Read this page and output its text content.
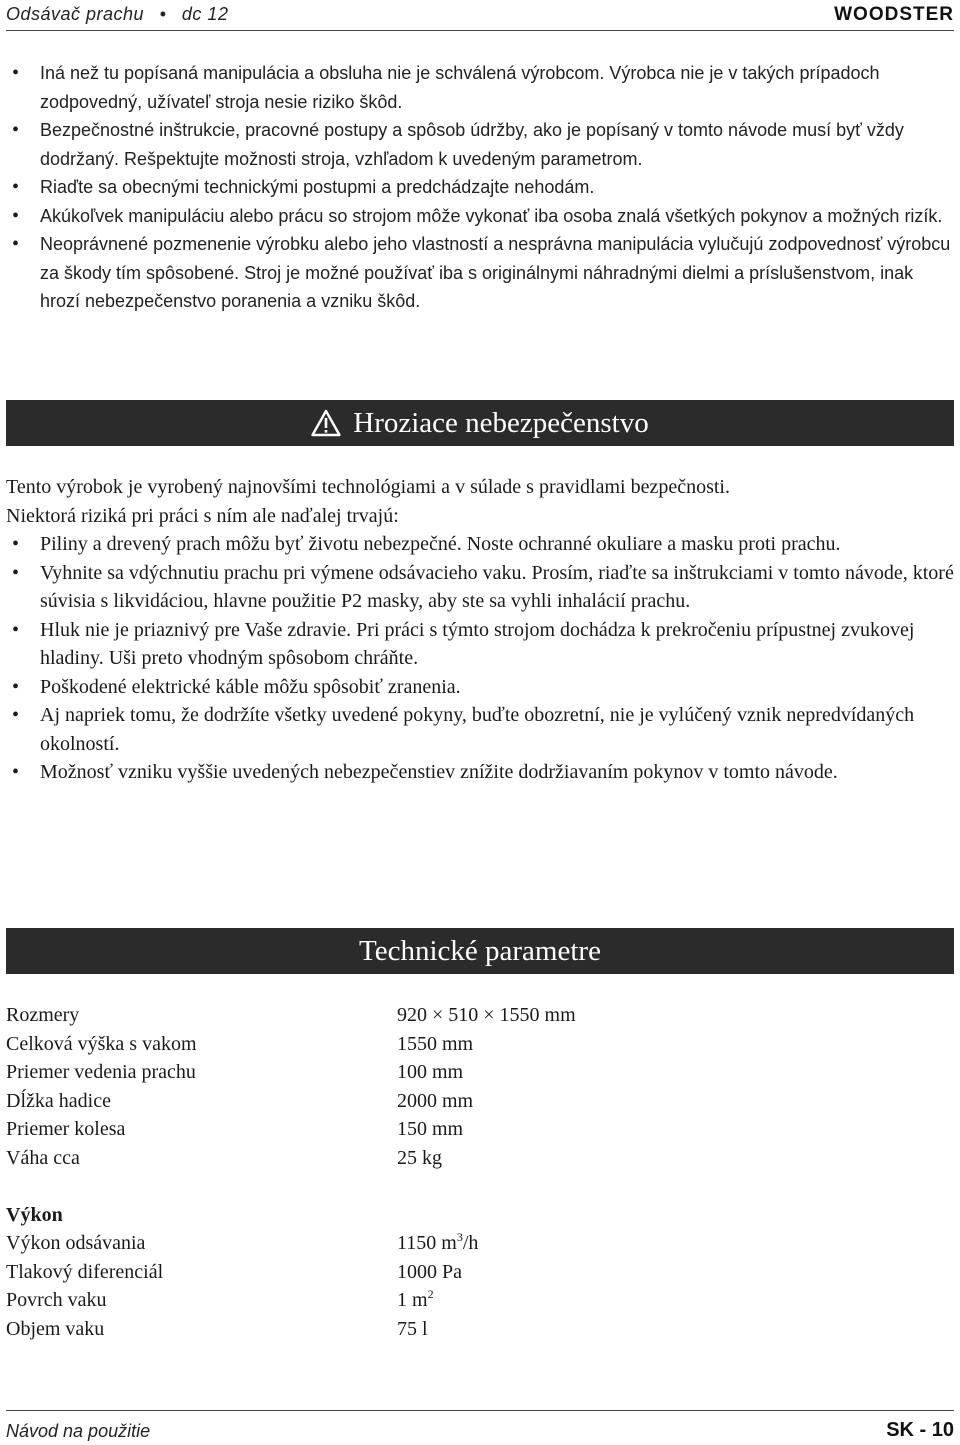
Odsávač prachu • dc 12	WOODSTER
• Iná než tu popísaná manipulácia a obsluha nie je schválená výrobcom. Výrobca nie je v takých prípadoch zodpovedný, užívateľ stroja nesie riziko škôd.
• Bezpečnostné inštrukcie, pracovné postupy a spôsob údržby, ako je popísaný v tomto návode musí byť vždy dodržaný. Rešpektujte možnosti stroja, vzhľadom k uvedeným parametrom.
• Riaďte sa obecnými technickými postupmi a predchádzajte nehodám.
• Akúkoľvek manipuláciu alebo prácu so strojom môže vykonať iba osoba znalá všetkých pokynov a možných rizík.
• Neoprávnené pozmenenie výrobku alebo jeho vlastností a nesprávna manipulácia vylučujú zodpovednosť výrobcu za škody tím spôsobené. Stroj je možné používať iba s originálnymi náhradnými dielmi a príslušenstvom, inak hrozí nebezpečenstvo poranenia a vzniku škôd.
Hroziace nebezpečenstvo

Tento výrobok je vyrobený najnovšími technológiami a v súlade s pravidlami bezpečnosti.

Niektorá riziká pri práci s ním ale naďalej trvajú:

• Piliny a drevený prach môžu byť životu nebezpečné. Noste ochranné okuliare a masku proti prachu.
• Vyhnite sa vdýchnutiu prachu pri výmene odsávacieho vaku. Prosím, riaďte sa inštrukciami v tomto návode, ktoré súvisia s likvidáciou, hlavne použitie P2 masky, aby ste sa vyhli inhalácií prachu.
• Hluk nie je priaznivý pre Vaše zdravie. Pri práci s týmto strojom dochádza k prekročeniu prípustnej zvukovej hladiny. Uši preto vhodným spôsobom chráňte.
• Poškodené elektrické káble môžu spôsobiť zranenia.
• Aj napriek tomu, že dodržíte všetky uvedené pokyny, buďte obozretní, nie je vylúčený vznik nepredvídaných okolností.
• Možnosť vzniku vyššie uvedených nebezpečenstiev znížite dodržiavaním pokynov v tomto návode.
Technické parametre
Rozmery	920 × 510 × 1550 mm
Celková výška s vakom	1550 mm
Priemer vedenia prachu	100 mm
Dĺžka hadice	2000 mm
Priemer kolesa	150 mm
Váha cca	25 kg
Výkon
Výkon odsávania	1150 $m^3/h$
Tlakový diferenciál	1000 Pa
Povrch vaku	1 $m^2$
Objem vaku	75 l
Návod na použitie	SK - 10
